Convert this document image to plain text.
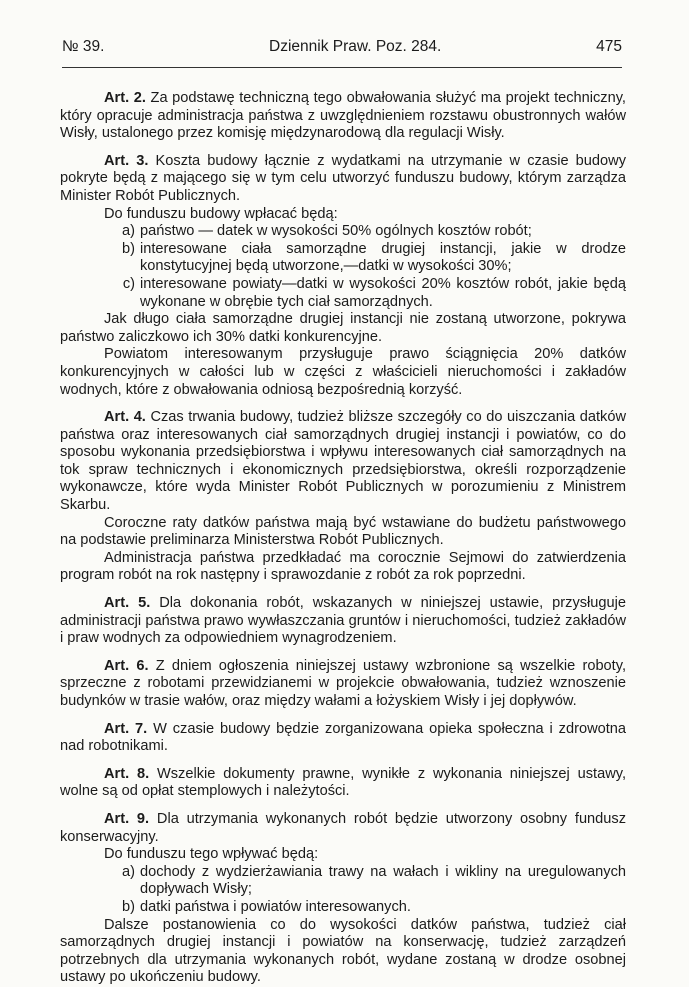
№ 39.	Dziennik Praw. Poz. 284.	475

Art. 2. Za podstawę techniczną tego obwałowania służyć ma projekt techniczny, który opracuje administracja państwa z uwzględnieniem rozstawu obustronnych wałów Wisły, ustalonego przez komisję międzynarodową dla regulacji Wisły.

Art. 3. Koszta budowy łącznie z wydatkami na utrzymanie w czasie budowy pokryte będą z mającego się w tym celu utworzyć funduszu budowy, którym zarządza Minister Robót Publicznych.

Do funduszu budowy wpłacać będą:

a) państwo — datek w wysokości 50% ogólnych kosztów robót;
b) interesowane ciała samorządne drugiej instancji, jakie w drodze konstytucyjnej będą utworzone,—datki w wysokości 30%;
c) interesowane powiaty—datki w wysokości 20% kosztów robót, jakie będą wykonane w obrębie tych ciał samorządnych.

Jak długo ciała samorządne drugiej instancji nie zostaną utworzone, pokrywa państwo zaliczkowo ich 30% datki konkurencyjne.

Powiatom interesowanym przysługuje prawo ściągnięcia 20% datków konkurencyjnych w całości lub w części z właścicieli nieruchomości i zakładów wodnych, które z obwałowania odniosą bezpośrednią korzyść.

Art. 4. Czas trwania budowy, tudzież bliższe szczegóły co do uiszczania datków państwa oraz interesowanych ciał samorządnych drugiej instancji i powiatów, co do sposobu wykonania przedsiębiorstwa i wpływu interesowanych ciał samorządnych na tok spraw technicznych i ekonomicznych przedsiębiorstwa, określi rozporządzenie wykonawcze, które wyda Minister Robót Publicznych w porozumieniu z Ministrem Skarbu.

Coroczne raty datków państwa mają być wstawiane do budżetu państwowego na podstawie preliminarza Ministerstwa Robót Publicznych.

Administracja państwa przedkładać ma corocznie Sejmowi do zatwierdzenia program robót na rok następny i sprawozdanie z robót za rok poprzedni.

Art. 5. Dla dokonania robót, wskazanych w niniejszej ustawie, przysługuje administracji państwa prawo wywłaszczania gruntów i nieruchomości, tudzież zakładów i praw wodnych za odpowiedniem wynagrodzeniem.

Art. 6. Z dniem ogłoszenia niniejszej ustawy wzbronione są wszelkie roboty, sprzeczne z robotami przewidzianemi w projekcie obwałowania, tudzież wznoszenie budynków w trasie wałów, oraz między wałami a łożyskiem Wisły i jej dopływów.

Art. 7. W czasie budowy będzie zorganizowana opieka społeczna i zdrowotna nad robotnikami.

Art. 8. Wszelkie dokumenty prawne, wynikłe z wykonania niniejszej ustawy, wolne są od opłat stemplowych i należytości.

Art. 9. Dla utrzymania wykonanych robót będzie utworzony osobny fundusz konserwacyjny.

Do funduszu tego wpływać będą:

a) dochody z wydzierżawiania trawy na wałach i wikliny na uregulowanych dopływach Wisły;
b) datki państwa i powiatów interesowanych.

Dalsze postanowienia co do wysokości datków państwa, tudzież ciał samorządnych drugiej instancji i powiatów na konserwację, tudzież zarządzeń potrzebnych dla utrzymania wykonanych robót, wydane zostaną w drodze osobnej ustawy po ukończeniu budowy.
